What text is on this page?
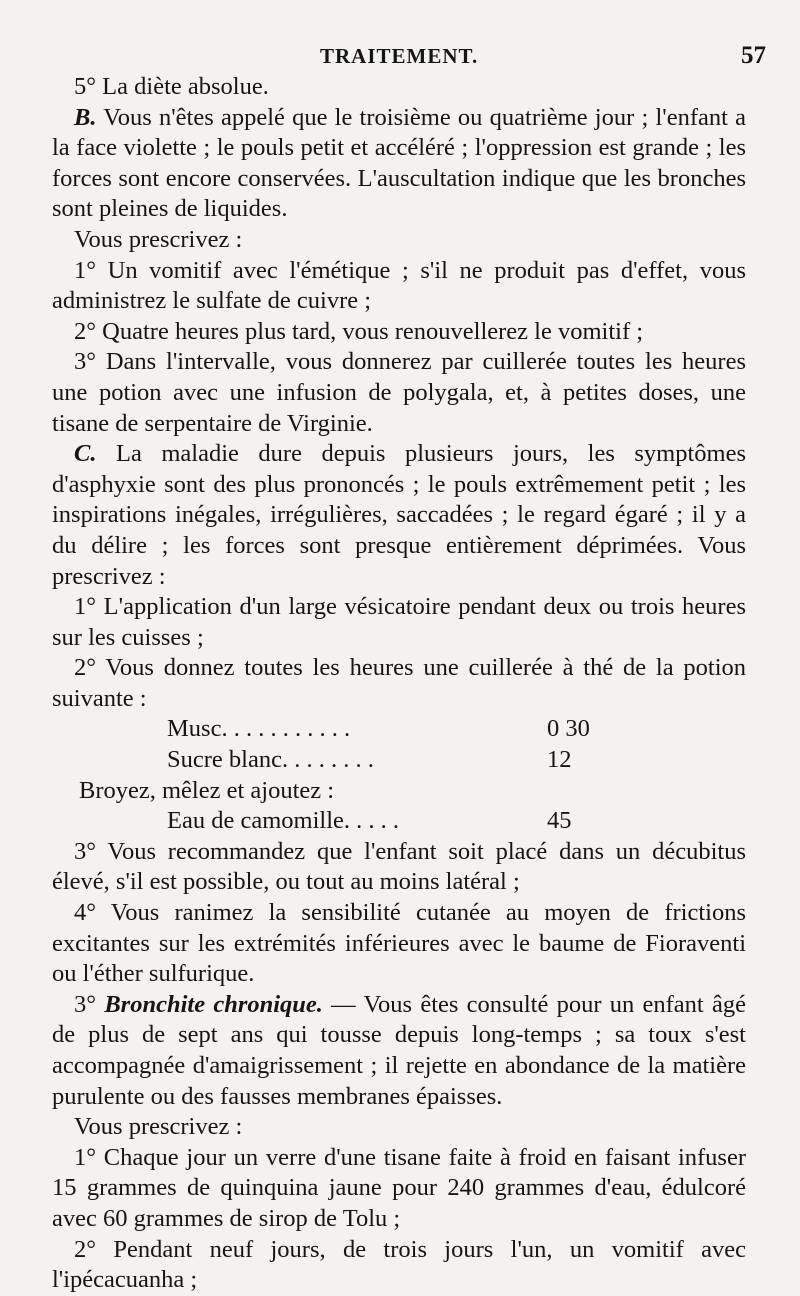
TRAITEMENT.	57

5° La diète absolue.

B. Vous n'êtes appelé que le troisième ou quatrième jour ; l'enfant a la face violette ; le pouls petit et accéléré ; l'oppression est grande ; les forces sont encore conservées. L'auscultation indique que les bronches sont pleines de liquides.

Vous prescrivez :

1° Un vomitif avec l'émétique ; s'il ne produit pas d'effet, vous administrez le sulfate de cuivre ;

2° Quatre heures plus tard, vous renouvellerez le vomitif ;

3° Dans l'intervalle, vous donnerez par cuillerée toutes les heures une potion avec une infusion de polygala, et, à petites doses, une tisane de serpentaire de Virginie.

C. La maladie dure depuis plusieurs jours, les symptômes d'asphyxie sont des plus prononcés ; le pouls extrêmement petit ; les inspirations inégales, irrégulières, saccadées ; le regard égaré ; il y a du délire ; les forces sont presque entièrement déprimées. Vous prescrivez :

1° L'application d'un large vésicatoire pendant deux ou trois heures sur les cuisses ;

2° Vous donnez toutes les heures une cuillerée à thé de la potion suivante :

Musc. . . . . . . . . . .	0 30
Sucre blanc. . . . . . . .	12

Broyez, mêlez et ajoutez :

Eau de camomille. . . . .	45

3° Vous recommandez que l'enfant soit placé dans un décubitus élevé, s'il est possible, ou tout au moins latéral ;

4° Vous ranimez la sensibilité cutanée au moyen de frictions excitantes sur les extrémités inférieures avec le baume de Fioraventi ou l'éther sulfurique.

3° Bronchite chronique. — Vous êtes consulté pour un enfant âgé de plus de sept ans qui tousse depuis long-temps ; sa toux s'est accompagnée d'amaigrissement ; il rejette en abondance de la matière purulente ou des fausses membranes épaisses.

Vous prescrivez :

1° Chaque jour un verre d'une tisane faite à froid en faisant infuser 15 grammes de quinquina jaune pour 240 grammes d'eau, édulcoré avec 60 grammes de sirop de Tolu ;

2° Pendant neuf jours, de trois jours l'un, un vomitif avec l'ipécacuanha ;
